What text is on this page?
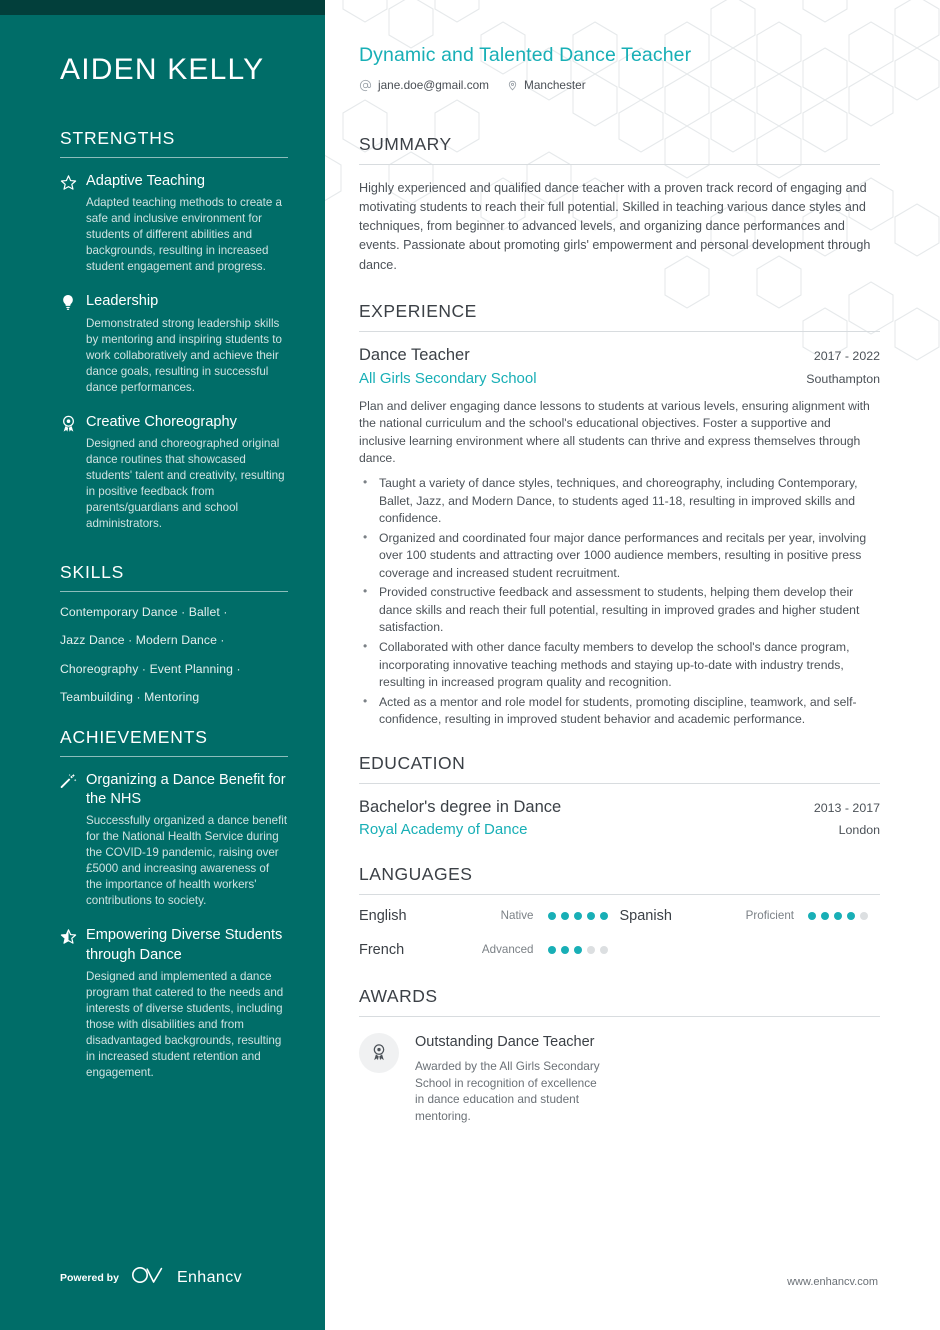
AIDEN KELLY
STRENGTHS
Adaptive Teaching
Adapted teaching methods to create a safe and inclusive environment for students of different abilities and backgrounds, resulting in increased student engagement and progress.
Leadership
Demonstrated strong leadership skills by mentoring and inspiring students to work collaboratively and achieve their dance goals, resulting in successful dance performances.
Creative Choreography
Designed and choreographed original dance routines that showcased students' talent and creativity, resulting in positive feedback from parents/guardians and school administrators.
SKILLS
Contemporary Dance · Ballet ·
Jazz Dance · Modern Dance ·
Choreography · Event Planning ·
Teambuilding · Mentoring
ACHIEVEMENTS
Organizing a Dance Benefit for the NHS
Successfully organized a dance benefit for the National Health Service during the COVID-19 pandemic, raising over £5000 and increasing awareness of the importance of health workers' contributions to society.
Empowering Diverse Students through Dance
Designed and implemented a dance program that catered to the needs and interests of diverse students, including those with disabilities and from disadvantaged backgrounds, resulting in increased student retention and engagement.
Powered by	Enhancv
Dynamic and Talented Dance Teacher
jane.doe@gmail.com	Manchester
SUMMARY

Highly experienced and qualified dance teacher with a proven track record of engaging and motivating students to reach their full potential. Skilled in teaching various dance styles and techniques, from beginner to advanced levels, and organizing dance performances and events. Passionate about promoting girls' empowerment and personal development through dance.

EXPERIENCE
Dance Teacher	2017 - 2022
All Girls Secondary School	Southampton

Plan and deliver engaging dance lessons to students at various levels, ensuring alignment with the national curriculum and the school's educational objectives. Foster a supportive and inclusive learning environment where all students can thrive and express themselves through dance.

• Taught a variety of dance styles, techniques, and choreography, including Contemporary, Ballet, Jazz, and Modern Dance, to students aged 11-18, resulting in improved skills and confidence.
• Organized and coordinated four major dance performances and recitals per year, involving over 100 students and attracting over 1000 audience members, resulting in positive press coverage and increased student recruitment.
• Provided constructive feedback and assessment to students, helping them develop their dance skills and reach their full potential, resulting in improved grades and higher student satisfaction.
• Collaborated with other dance faculty members to develop the school's dance program, incorporating innovative teaching methods and staying up-to-date with industry trends, resulting in increased program quality and recognition.
• Acted as a mentor and role model for students, promoting discipline, teamwork, and self-confidence, resulting in improved student behavior and academic performance.
EDUCATION
Bachelor's degree in Dance	2013 - 2017
Royal Academy of Dance	London
LANGUAGES
English	Native	Spanish	Proficient
French	Advanced
AWARDS
Outstanding Dance Teacher
Awarded by the All Girls Secondary School in recognition of excellence in dance education and student mentoring.
www.enhancv.com
